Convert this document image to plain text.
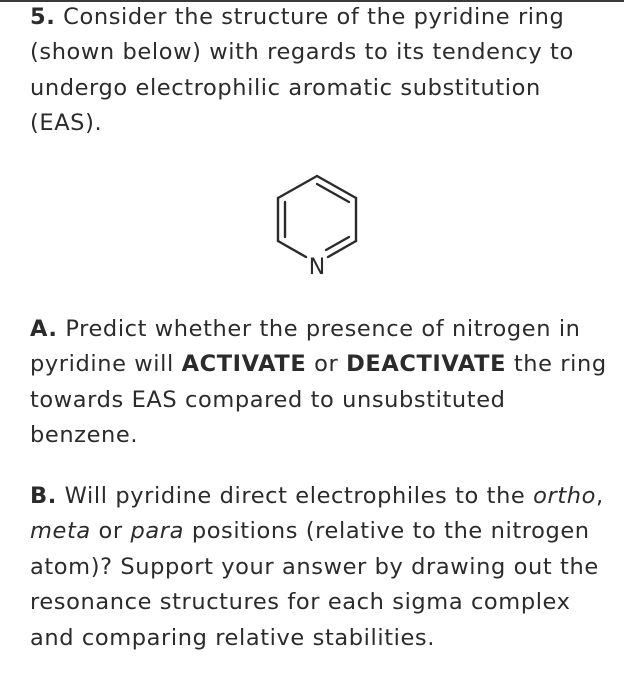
5. Consider the structure of the pyridine ring (shown below) with regards to its tendency to undergo electrophilic aromatic substitution (EAS).

N

A. Predict whether the presence of nitrogen in pyridine will ACTIVATE or DEACTIVATE the ring towards EAS compared to unsubstituted benzene.

B. Will pyridine direct electrophiles to the ortho, meta or para positions (relative to the nitrogen atom)? Support your answer by drawing out the resonance structures for each sigma complex and comparing relative stabilities.
